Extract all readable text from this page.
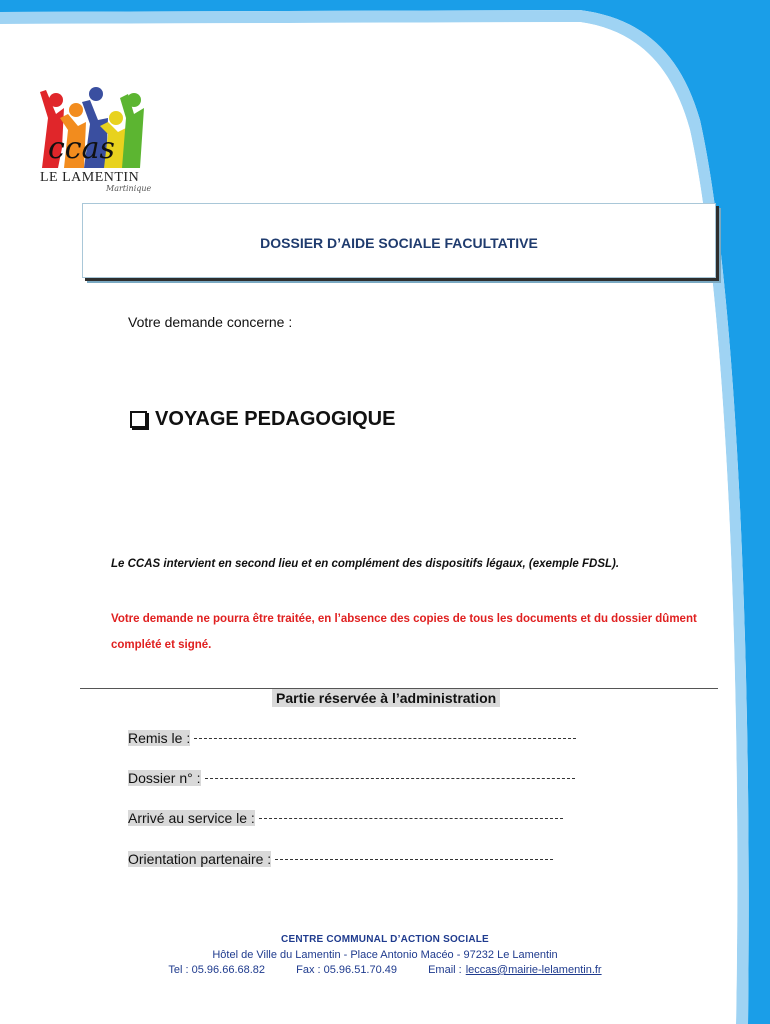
ccas
LE LAMENTIN
Martinique
DOSSIER D’AIDE SOCIALE FACULTATIVE
Votre demande concerne :
VOYAGE PEDAGOGIQUE
Le CCAS intervient en second lieu et en complément des dispositifs légaux, (exemple FDSL).
Votre demande ne pourra être traitée, en l’absence des copies de tous les documents et du dossier dûment complété et signé.
Partie réservée à l’administration
Remis le :
Dossier n° :
Arrivé au service le :
Orientation partenaire :
CENTRE COMMUNAL D’ACTION SOCIALE
Hôtel de Ville du Lamentin - Place Antonio Macéo - 97232 Le Lamentin
Tel : 05.96.66.68.82	Fax : 05.96.51.70.49	Email : leccas@mairie-lelamentin.fr
